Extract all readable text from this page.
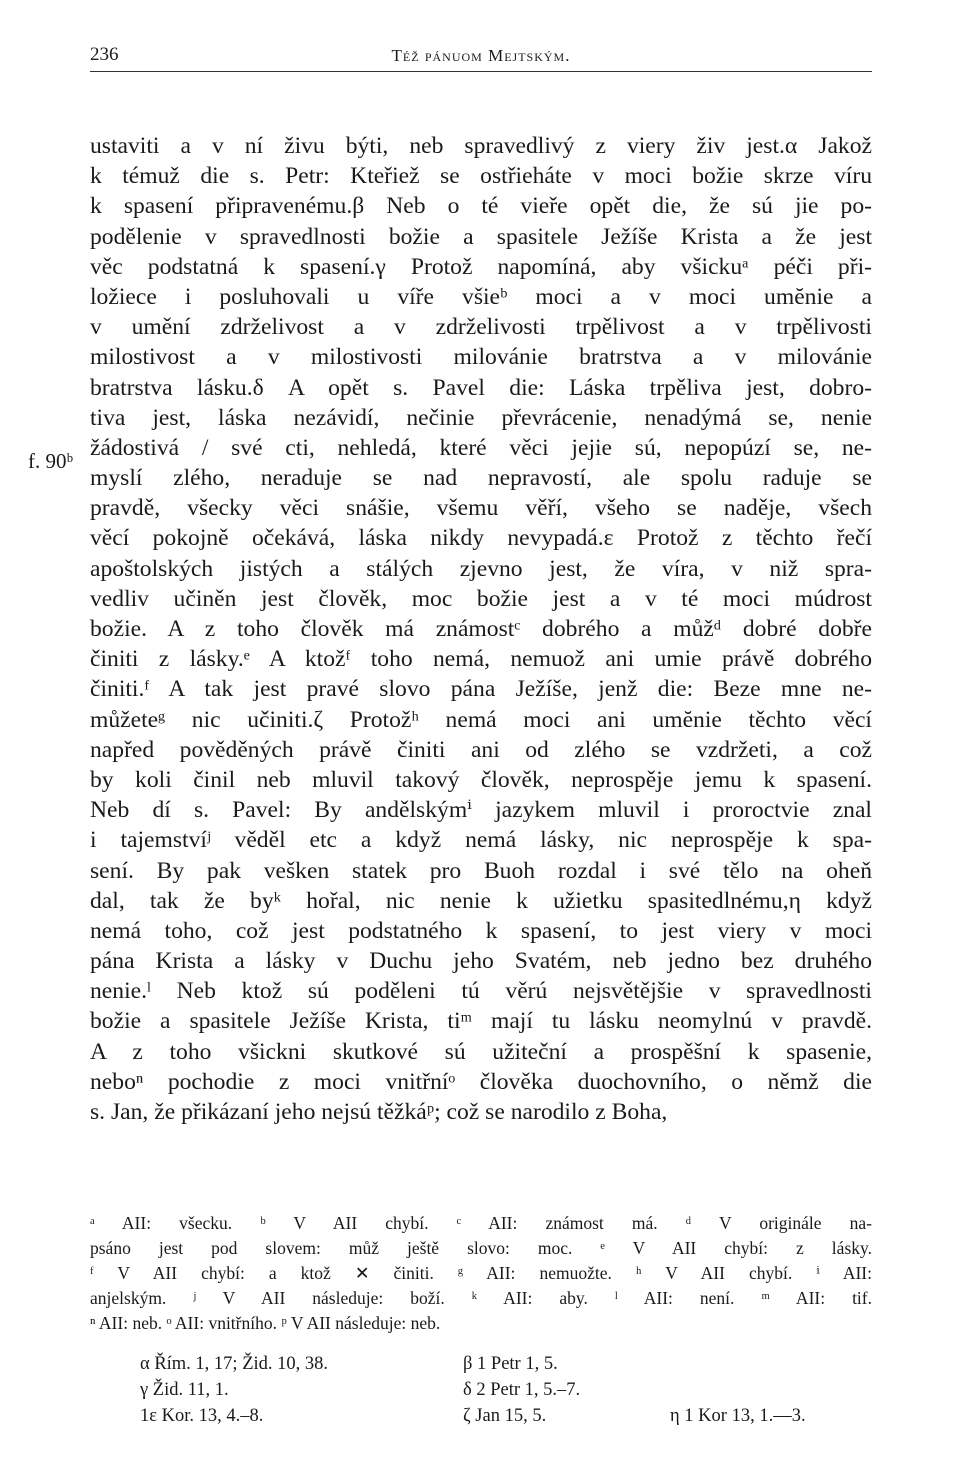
236	Též pánuom Mejtským.
f. 90ᵇ
ustaviti a v ní živu býti, neb spravedlivý z viery živ jest.α Jakož
k témuž die s. Petr: Kteřiež se ostřieháte v moci božie skrze víru
k spasení připravenému.β Neb o té vieře opět die, že sú jie po-
podělenie v spravedlnosti božie a spasitele Ježíše Krista a že jest
věc podstatná k spasení.γ Protož napomíná, aby všickuᵃ péči při-
ložiece i posluhovali u víře všieᵇ moci a v moci umĕnie a
v umění zdrželivost a v zdrželivosti trpělivost a v trpělivosti
milostivost a v milostivosti milovánie bratrstva a v milovánie
bratrstva lásku.δ A opět s. Pavel die: Láska trpěliva jest, dobro-
tiva jest, láska nezávidí, nečinie převrácenie, nenadýmá se, nenie
žádostivá / své cti, nehledá, které věci jejie sú, nepopúzí se, ne-
myslí zlého, neraduje se nad nepravostí, ale spolu raduje se
pravdě, všecky věci snášie, všemu věří, všeho se naděje, všech
věcí pokojně očekává, láska nikdy nevypadá.ε Protož z těchto řečí
apoštolských jistých a stálých zjevno jest, že víra, v niž spra-
vedliv učiněn jest člověk, moc božie jest a v té moci múdrost
božie. A z toho člověk má známostᶜ dobrého a můžᵈ dobré dobře
činiti z lásky.ᵉ A ktožᶠ toho nemá, nemuož ani umie právě dobrého
činiti.ᶠ A tak jest pravé slovo pána Ježíše, jenž die: Beze mne ne-
můžeteᵍ nic učiniti.ζ Protožʰ nemá moci ani umĕnie těchto věcí
napřed pověděných právě činiti ani od zlého se vzdržeti, a což
by koli činil neb mluvil takový člověk, neprospěje jemu k spasení.
Neb dí s. Pavel: By andělskýmⁱ jazykem mluvil i proroctvie znal
i tajemstvíʲ věděl etc a když nemá lásky, nic neprospěje k spa-
sení. By pak vešken statek pro Buoh rozdal i své tělo na oheň
dal, tak že byᵏ hořal, nic nenie k užietku spasitedlnému,η když
nemá toho, což jest podstatného k spasení, to jest viery v moci
pána Krista a lásky v Duchu jeho Svatém, neb jedno bez druhého
nenie.ˡ Neb ktož sú poděleni tú věrú nejsvětějšie v spravedlnosti
božie a spasitele Ježíše Krista, tiᵐ mají tu lásku neomylnú v pravdě.
A z toho všickni skutkové sú užiteční a prospěšní k spasenie,
neboⁿ pochodie z moci vnitřníᵒ člověka duochovního, o němž die
s. Jan, že přikázaní jeho nejsú těžkáᵖ; což se narodilo z Boha,
ᵃ AII: všecku. ᵇ V AII chybí. ᶜ AII: známost má. ᵈ V originále na-
psáno jest pod slovem: můž ještě slovo: moc. ᵉ V AII chybí: z lásky.
ᶠ V AII chybí: a ktož ✕ činiti. ᵍ AII: nemuožte. ʰ V AII chybí. ⁱ AII:
anjelským. ʲ V AII následuje: boží. ᵏ AII: aby. ˡ AII: není. ᵐ AII: tif.
ⁿ AII: neb. ᵒ AII: vnitřního. ᵖ V AII následuje: neb.
α Řím. 1, 17; Žid. 10, 38.	β 1 Petr 1, 5.
γ Žid. 11, 1.	δ 2 Petr 1, 5.–7.
1ε Kor. 13, 4.–8.	ζ Jan 15, 5.	η 1 Kor 13, 1.—3.
